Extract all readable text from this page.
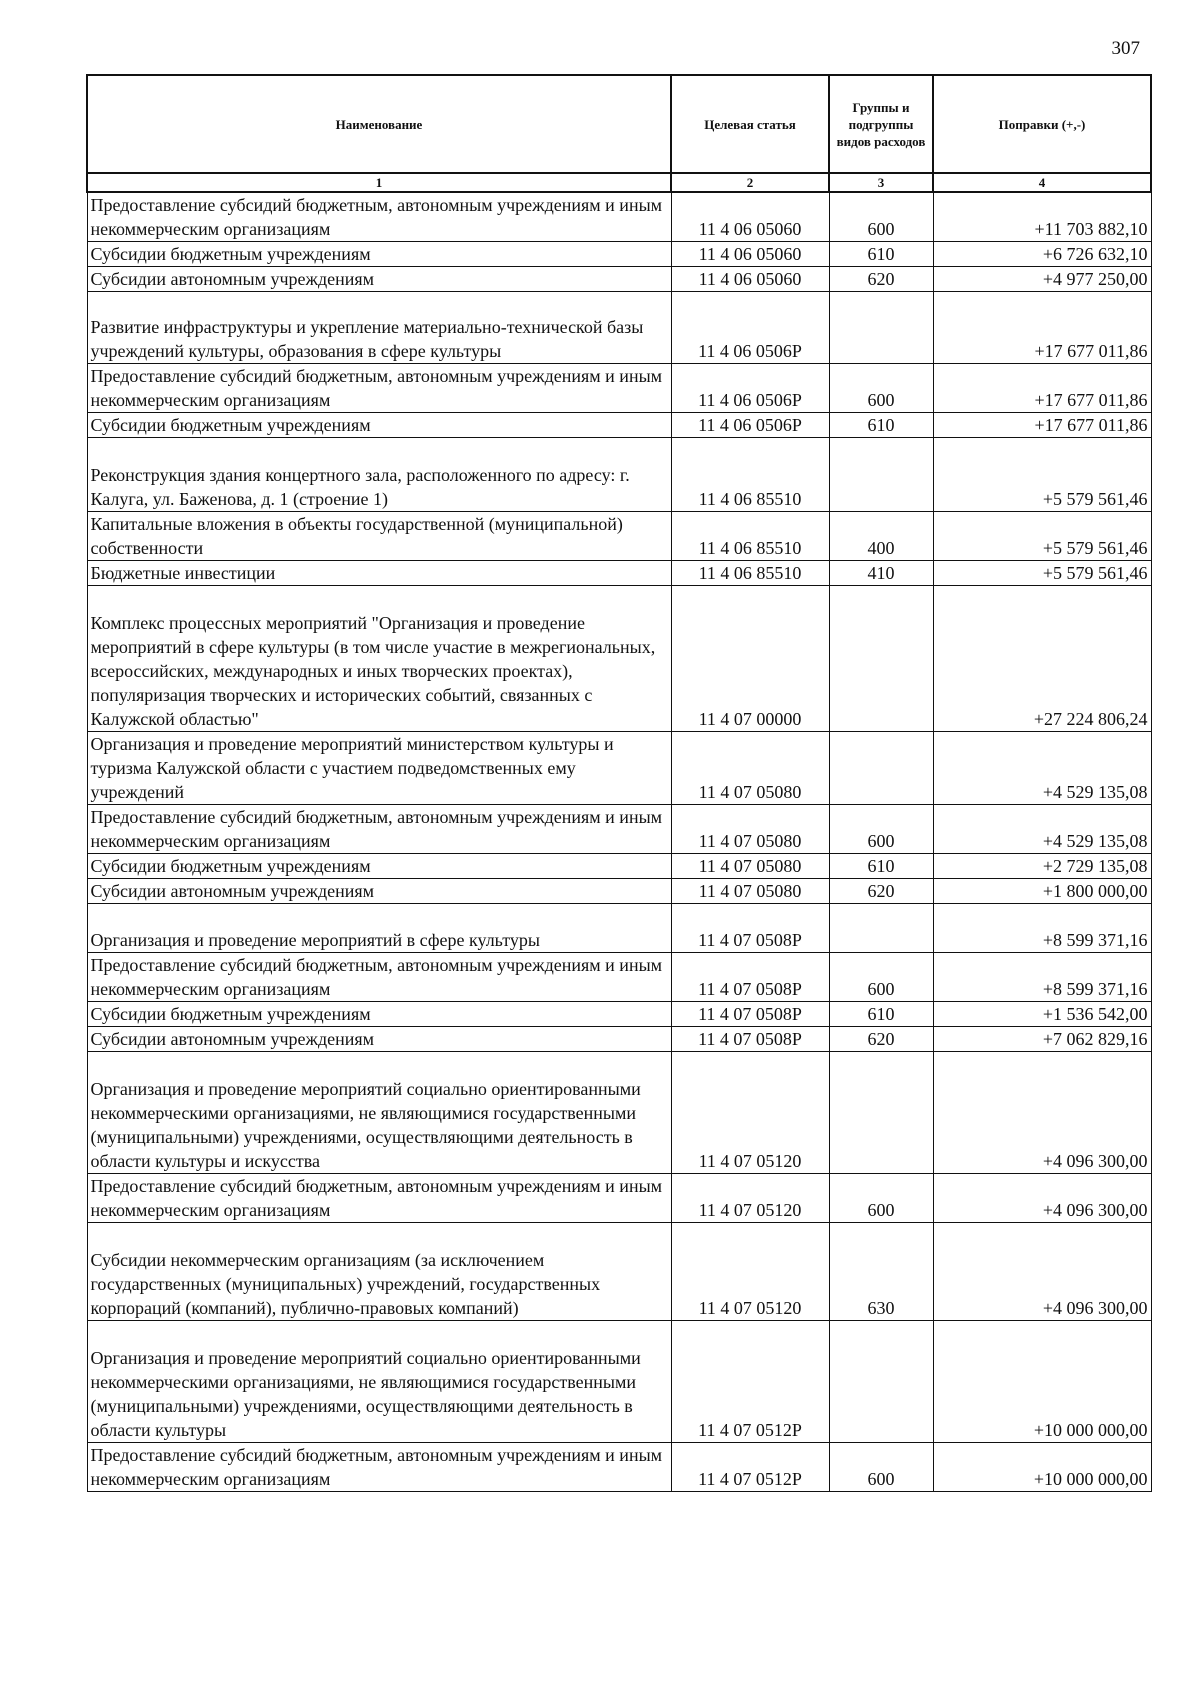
307
Наименование	Целевая статья	Группы и подгруппы видов расходов	Поправки (+,-)
1	2	3	4
Предоставление субсидий бюджетным, автономным учреждениям и иным некоммерческим организациям	11 4 06 05060	600	+11 703 882,10
Субсидии бюджетным учреждениям	11 4 06 05060	610	+6 726 632,10
Субсидии автономным учреждениям	11 4 06 05060	620	+4 977 250,00
Развитие инфраструктуры и укрепление материально-технической базы учреждений культуры, образования в сфере культуры	11 4 06 0506Р		+17 677 011,86
Предоставление субсидий бюджетным, автономным учреждениям и иным некоммерческим организациям	11 4 06 0506Р	600	+17 677 011,86
Субсидии бюджетным учреждениям	11 4 06 0506Р	610	+17 677 011,86
Реконструкция здания концертного зала, расположенного по адресу: г. Калуга, ул. Баженова, д. 1 (строение 1)	11 4 06 85510		+5 579 561,46
Капитальные вложения в объекты государственной (муниципальной) собственности	11 4 06 85510	400	+5 579 561,46
Бюджетные инвестиции	11 4 06 85510	410	+5 579 561,46
Комплекс процессных мероприятий "Организация и проведение мероприятий в сфере культуры (в том числе участие в межрегиональных, всероссийских, международных и иных творческих проектах), популяризация творческих и исторических событий, связанных с Калужской областью"	11 4 07 00000		+27 224 806,24
Организация и проведение мероприятий министерством культуры и туризма Калужской области с участием подведомственных ему учреждений	11 4 07 05080		+4 529 135,08
Предоставление субсидий бюджетным, автономным учреждениям и иным некоммерческим организациям	11 4 07 05080	600	+4 529 135,08
Субсидии бюджетным учреждениям	11 4 07 05080	610	+2 729 135,08
Субсидии автономным учреждениям	11 4 07 05080	620	+1 800 000,00
Организация и проведение мероприятий в сфере культуры	11 4 07 0508Р		+8 599 371,16
Предоставление субсидий бюджетным, автономным учреждениям и иным некоммерческим организациям	11 4 07 0508Р	600	+8 599 371,16
Субсидии бюджетным учреждениям	11 4 07 0508Р	610	+1 536 542,00
Субсидии автономным учреждениям	11 4 07 0508Р	620	+7 062 829,16
Организация и проведение мероприятий социально ориентированными некоммерческими организациями, не являющимися государственными (муниципальными) учреждениями, осуществляющими деятельность в области культуры и искусства	11 4 07 05120		+4 096 300,00
Предоставление субсидий бюджетным, автономным учреждениям и иным некоммерческим организациям	11 4 07 05120	600	+4 096 300,00
Субсидии некоммерческим организациям (за исключением государственных (муниципальных) учреждений, государственных корпораций (компаний), публично-правовых компаний)	11 4 07 05120	630	+4 096 300,00
Организация и проведение мероприятий социально ориентированными некоммерческими организациями, не являющимися государственными (муниципальными) учреждениями, осуществляющими деятельность в области культуры	11 4 07 0512Р		+10 000 000,00
Предоставление субсидий бюджетным, автономным учреждениям и иным некоммерческим организациям	11 4 07 0512Р	600	+10 000 000,00
